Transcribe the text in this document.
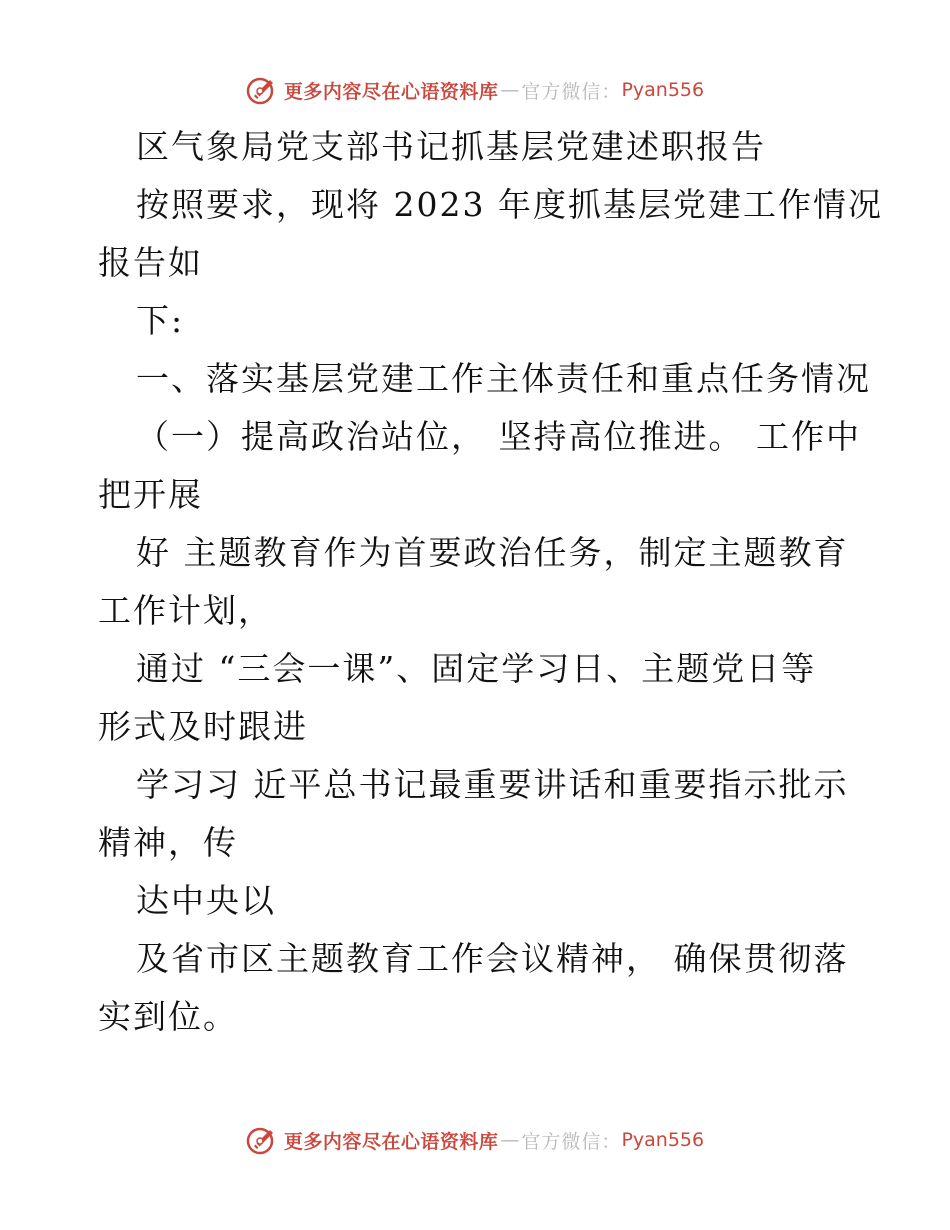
更多内容尽在心语资料库 — 官方微信： Pyan556
区气象局党支部书记抓基层党建述职报告
按照要求，现将 2023 年度抓基层党建工作情况
报告如
下:
一、落实基层党建工作主体责任和重点任务情况
（一）提高政治站位， 坚持高位推进。 工作中
把开展
好 主题教育作为首要政治任务，制定主题教育
工作计划，
通过 “三会一课”、固定学习日、主题党日等
形式及时跟进
学习习 近平总书记最重要讲话和重要指示批示
精神，传
达中央以
及省市区主题教育工作会议精神， 确保贯彻落
实到位。
更多内容尽在心语资料库 — 官方微信： Pyan556
